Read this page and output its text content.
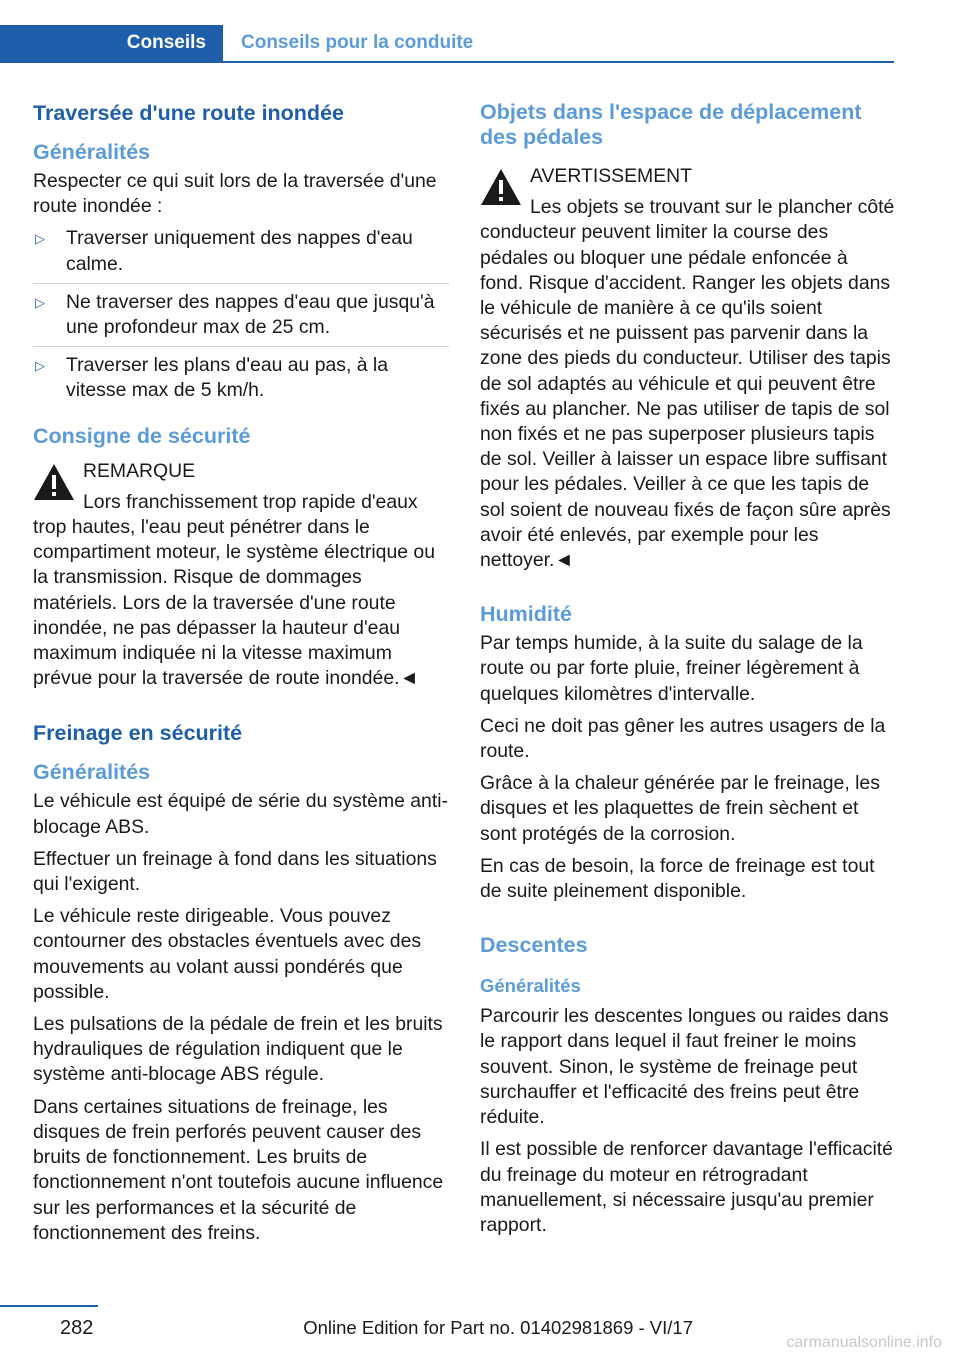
Conseils Conseils pour la conduite
Traversée d'une route inondée
Généralités

Respecter ce qui suit lors de la traversée d'une route inondée :

▷ Traverser uniquement des nappes d'eau calme.
▷ Ne traverser des nappes d'eau que jusqu'à une profondeur max de 25 cm.
▷ Traverser les plans d'eau au pas, à la vitesse max de 5 km/h.
Consigne de sécurité
REMARQUE

Lors franchissement trop rapide d'eaux trop hautes, l'eau peut pénétrer dans le compartiment moteur, le système électrique ou la transmission. Risque de dommages matériels. Lors de la traversée d'une route inondée, ne pas dépasser la hauteur d'eau maximum indiquée ni la vitesse maximum prévue pour la traversée de route inondée.◄

Freinage en sécurité
Généralités

Le véhicule est équipé de série du système anti-blocage ABS.

Effectuer un freinage à fond dans les situations qui l'exigent.

Le véhicule reste dirigeable. Vous pouvez contourner des obstacles éventuels avec des mouvements au volant aussi pondérés que possible.

Les pulsations de la pédale de frein et les bruits hydrauliques de régulation indiquent que le système anti-blocage ABS régule.

Dans certaines situations de freinage, les disques de frein perforés peuvent causer des bruits de fonctionnement. Les bruits de fonctionnement n'ont toutefois aucune influence sur les performances et la sécurité de fonctionnement des freins.

Objets dans l'espace de déplacement des pédales
AVERTISSEMENT

Les objets se trouvant sur le plancher côté conducteur peuvent limiter la course des pédales ou bloquer une pédale enfoncée à fond. Risque d'accident. Ranger les objets dans le véhicule de manière à ce qu'ils soient sécurisés et ne puissent pas parvenir dans la zone des pieds du conducteur. Utiliser des tapis de sol adaptés au véhicule et qui peuvent être fixés au plancher. Ne pas utiliser de tapis de sol non fixés et ne pas superposer plusieurs tapis de sol. Veiller à laisser un espace libre suffisant pour les pédales. Veiller à ce que les tapis de sol soient de nouveau fixés de façon sûre après avoir été enlevés, par exemple pour les nettoyer.◄

Humidité

Par temps humide, à la suite du salage de la route ou par forte pluie, freiner légèrement à quelques kilomètres d'intervalle.

Ceci ne doit pas gêner les autres usagers de la route.

Grâce à la chaleur générée par le freinage, les disques et les plaquettes de frein sèchent et sont protégés de la corrosion.

En cas de besoin, la force de freinage est tout de suite pleinement disponible.

Descentes
Généralités

Parcourir les descentes longues ou raides dans le rapport dans lequel il faut freiner le moins souvent. Sinon, le système de freinage peut surchauffer et l'efficacité des freins peut être réduite.

Il est possible de renforcer davantage l'efficacité du freinage du moteur en rétrogradant manuellement, si nécessaire jusqu'au premier rapport.

282	Online Edition for Part no. 01402981869 - VI/17
carmanualsonline.info
